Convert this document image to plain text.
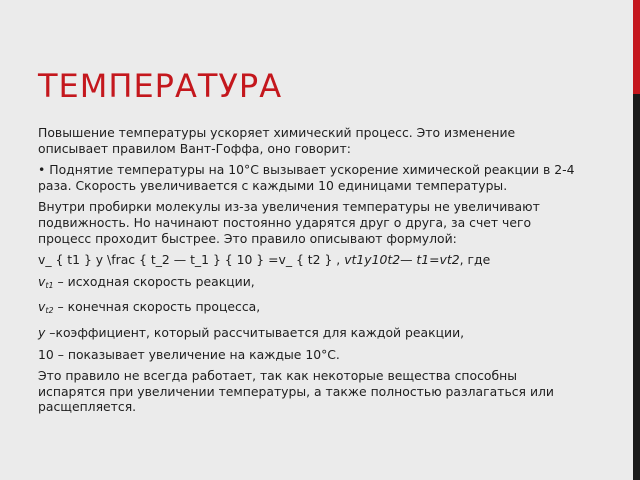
ТЕМПЕРАТУРА

Повышение температуры ускоряет химический процесс. Это изменение описывает правилом Вант-Гоффа, оно говорит:

• Поднятие температуры на 10°С вызывает ускорение химической реакции в 2-4 раза. Скорость увеличивается с каждыми 10 единицами температуры.

Внутри пробирки молекулы из-за увеличения температуры не увеличивают подвижность. Но начинают постоянно ударятся друг о друга, за счет чего процесс проходит быстрее. Это правило описывают формулой:

v_ { t1 } y \frac { t_2 — t_1 } { 10 } =v_ { t2 } , vt1y10t2— t1=vt2, где

$v_{t1}$ – исходная скорость реакции,

$v_{t2}$ – конечная скорость процесса,

y –коэффициент, который рассчитывается для каждой реакции,

10 – показывает увеличение на каждые 10°С.

Это правило не всегда работает, так как некоторые вещества способны испарятся при увеличении температуры, а также полностью разлагаться или расщепляется.
